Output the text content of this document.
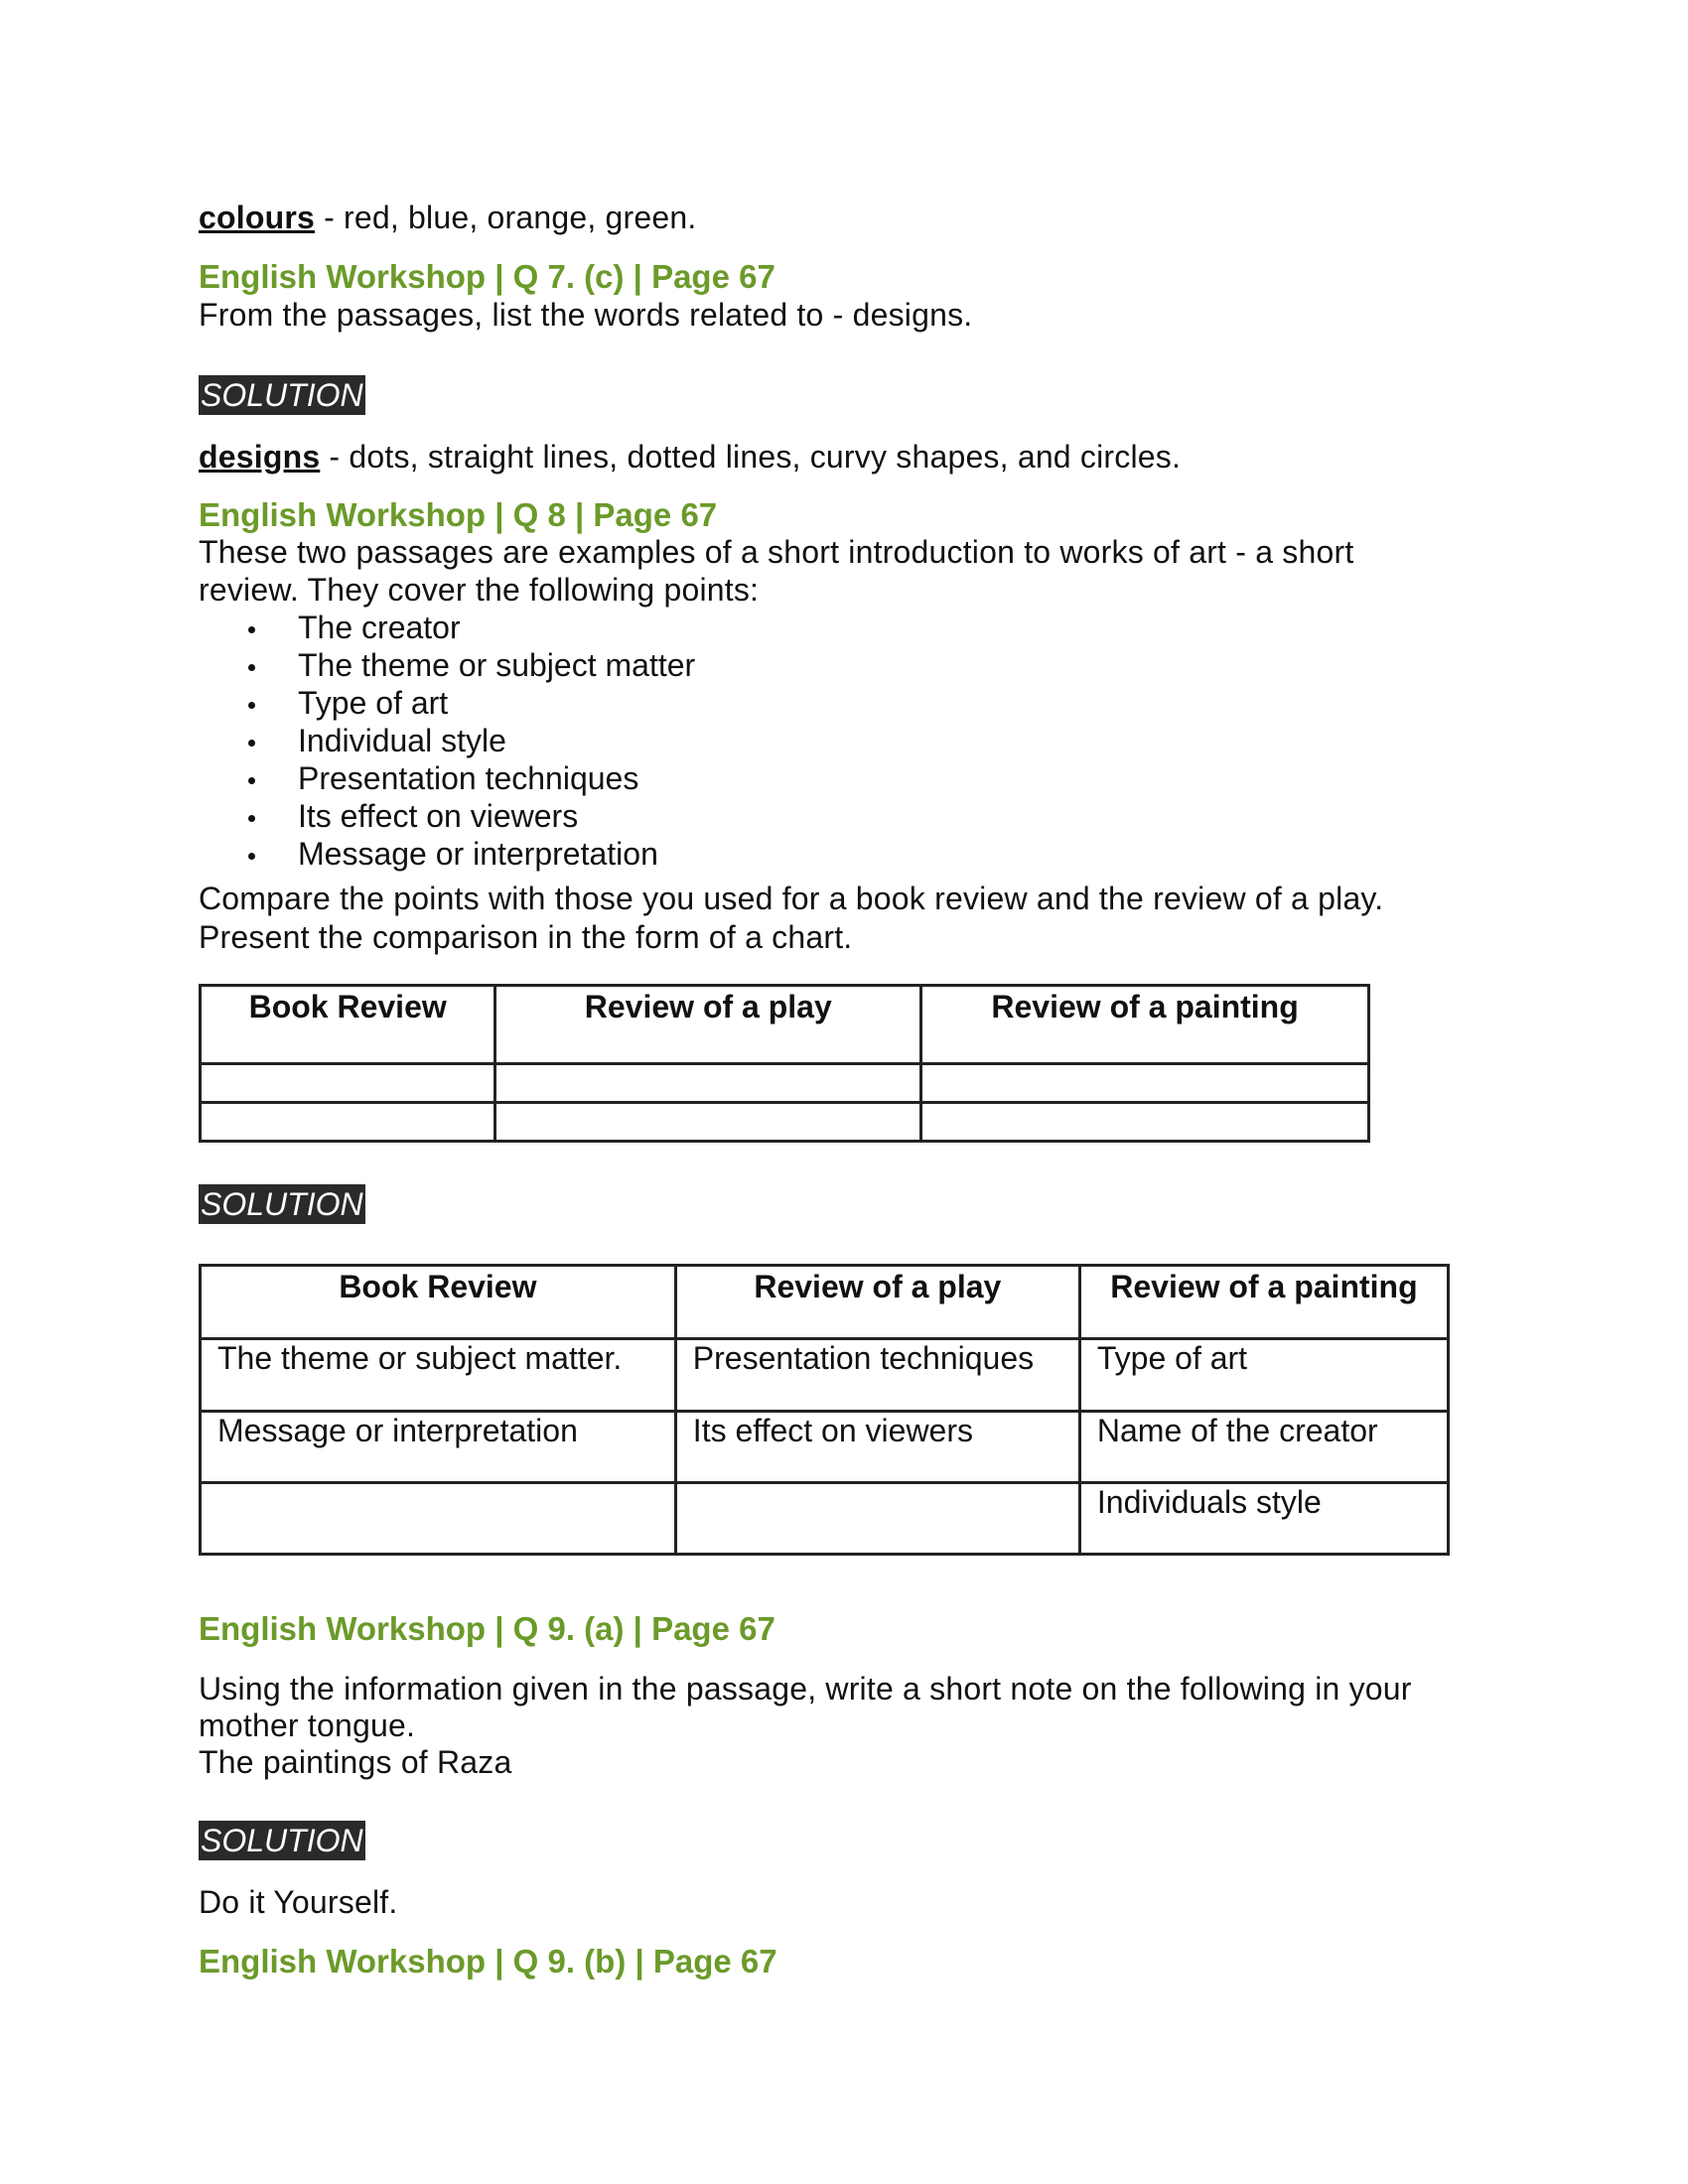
colours - red, blue, orange, green.
English Workshop | Q 7. (c) | Page 67
From the passages, list the words related to - designs.
SOLUTION
designs - dots, straight lines, dotted lines, curvy shapes, and circles.
English Workshop | Q 8 | Page 67
These two passages are examples of a short introduction to works of art - a short
review. They cover the following points:
The creator
The theme or subject matter
Type of art
Individual style
Presentation techniques
Its effect on viewers
Message or interpretation
Compare the points with those you used for a book review and the review of a play.
Present the comparison in the form of a chart.
Book Review	Review of a play	Review of a painting

SOLUTION
Book Review	Review of a play	Review of a painting
The theme or subject matter.	Presentation techniques	Type of art
Message or interpretation	Its effect on viewers	Name of the creator
		Individuals style
English Workshop | Q 9. (a) | Page 67
Using the information given in the passage, write a short note on the following in your
mother tongue.
The paintings of Raza
SOLUTION
Do it Yourself.
English Workshop | Q 9. (b) | Page 67
